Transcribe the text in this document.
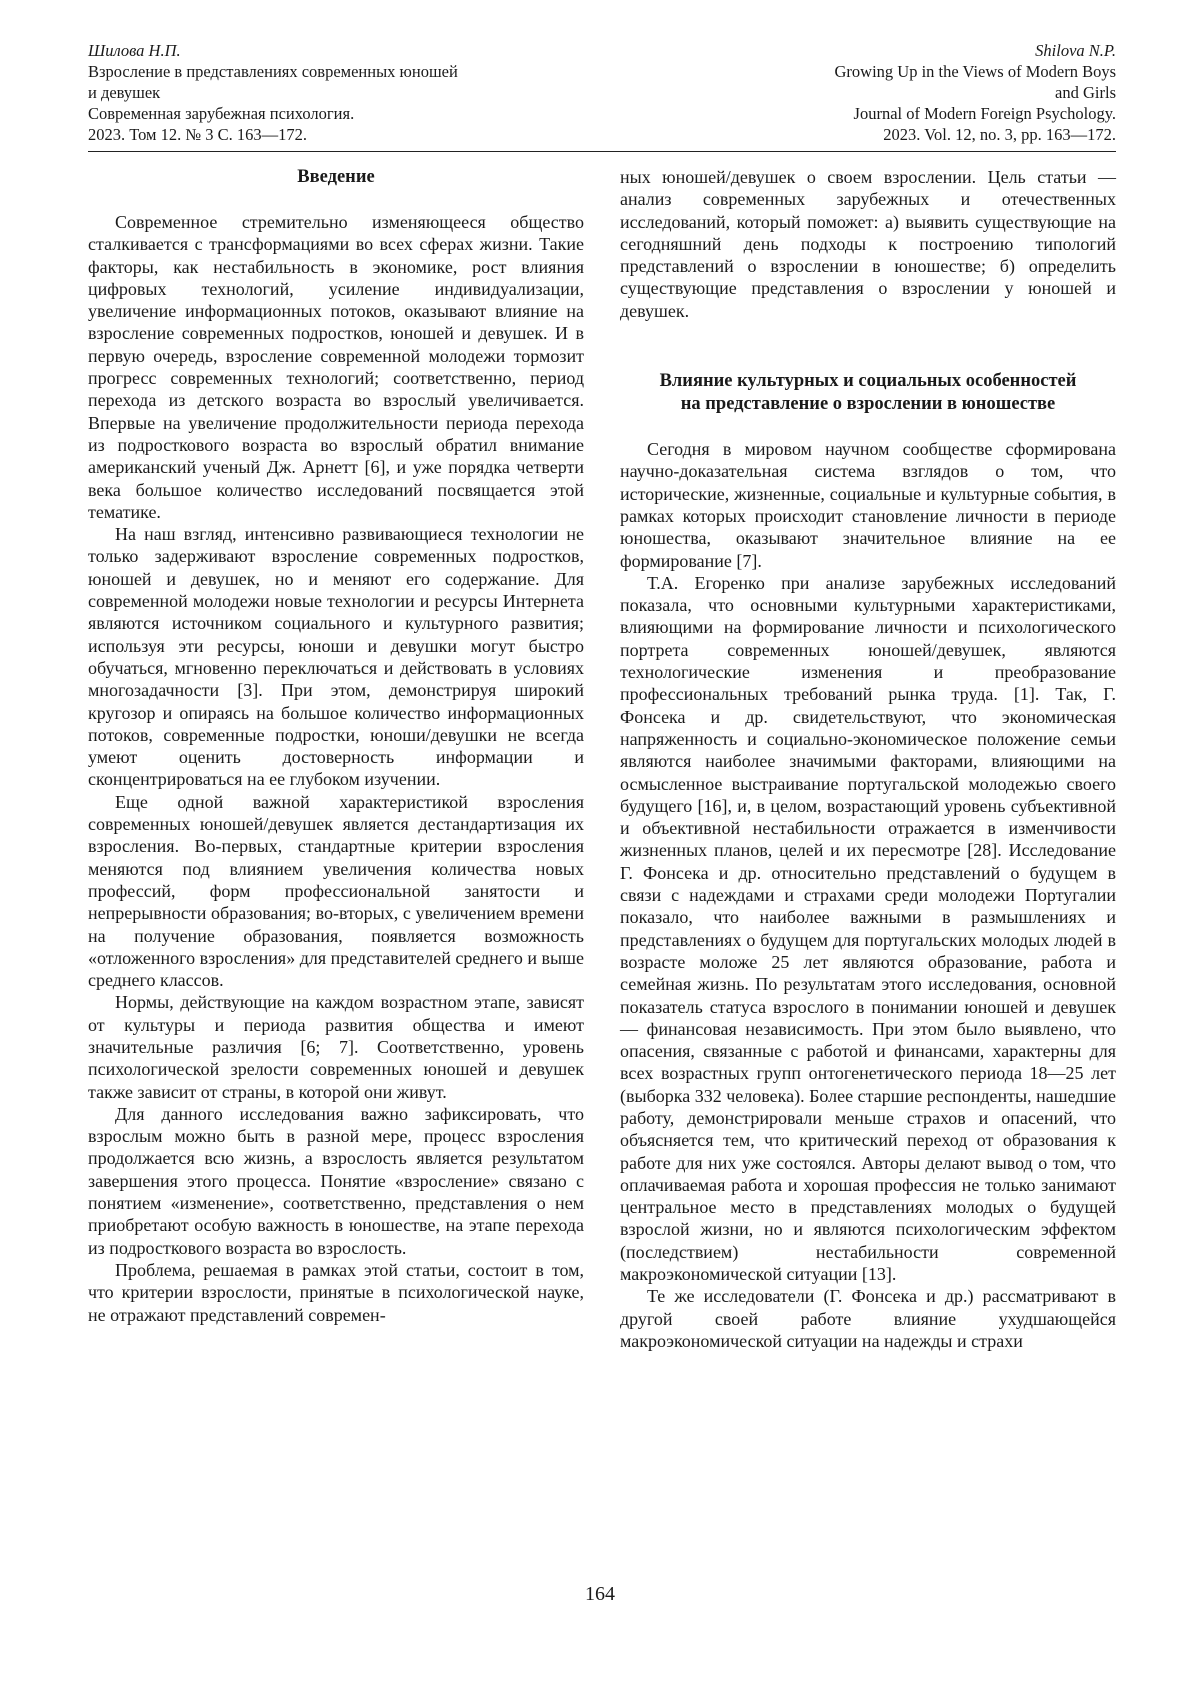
Шилова Н.П.
Взросление в представлениях современных юношей
и девушек
Современная зарубежная психология.
2023. Том 12. № 3 С. 163—172.
Shilova N.P.
Growing Up in the Views of Modern Boys
and Girls
Journal of Modern Foreign Psychology.
2023. Vol. 12, no. 3, pp. 163—172.
Введение

Современное стремительно изменяющееся общество сталкивается с трансформациями во всех сферах жизни. Такие факторы, как нестабильность в экономике, рост влияния цифровых технологий, усиление индивидуализации, увеличение информационных потоков, оказывают влияние на взросление современных подростков, юношей и девушек. И в первую очередь, взросление современной молодежи тормозит прогресс современных технологий; соответственно, период перехода из детского возраста во взрослый увеличивается. Впервые на увеличение продолжительности периода перехода из подросткового возраста во взрослый обратил внимание американский ученый Дж. Арнетт [6], и уже порядка четверти века большое количество исследований посвящается этой тематике.

На наш взгляд, интенсивно развивающиеся технологии не только задерживают взросление современных подростков, юношей и девушек, но и меняют его содержание. Для современной молодежи новые технологии и ресурсы Интернета являются источником социального и культурного развития; используя эти ресурсы, юноши и девушки могут быстро обучаться, мгновенно переключаться и действовать в условиях многозадачности [3]. При этом, демонстрируя широкий кругозор и опираясь на большое количество информационных потоков, современные подростки, юноши/девушки не всегда умеют оценить достоверность информации и сконцентрироваться на ее глубоком изучении.

Еще одной важной характеристикой взросления современных юношей/девушек является дестандартизация их взросления. Во-первых, стандартные критерии взросления меняются под влиянием увеличения количества новых профессий, форм профессиональной занятости и непрерывности образования; во-вторых, с увеличением времени на получение образования, появляется возможность «отложенного взросления» для представителей среднего и выше среднего классов.

Нормы, действующие на каждом возрастном этапе, зависят от культуры и периода развития общества и имеют значительные различия [6; 7]. Соответственно, уровень психологической зрелости современных юношей и девушек также зависит от страны, в которой они живут.

Для данного исследования важно зафиксировать, что взрослым можно быть в разной мере, процесс взросления продолжается всю жизнь, а взрослость является результатом завершения этого процесса. Понятие «взросление» связано с понятием «изменение», соответственно, представления о нем приобретают особую важность в юношестве, на этапе перехода из подросткового возраста во взрослость.

Проблема, решаемая в рамках этой статьи, состоит в том, что критерии взрослости, принятые в психологической науке, не отражают представлений современ-

ных юношей/девушек о своем взрослении. Цель статьи — анализ современных зарубежных и отечественных исследований, который поможет: а) выявить существующие на сегодняшний день подходы к построению типологий представлений о взрослении в юношестве; б) определить существующие представления о взрослении у юношей и девушек.

Влияние культурных и социальных особенностей
на представление о взрослении в юношестве

Сегодня в мировом научном сообществе сформирована научно-доказательная система взглядов о том, что исторические, жизненные, социальные и культурные события, в рамках которых происходит становление личности в периоде юношества, оказывают значительное влияние на ее формирование [7].

Т.А. Егоренко при анализе зарубежных исследований показала, что основными культурными характеристиками, влияющими на формирование личности и психологического портрета современных юношей/девушек, являются технологические изменения и преобразование профессиональных требований рынка труда. [1]. Так, Г. Фонсека и др. свидетельствуют, что экономическая напряженность и социально-экономическое положение семьи являются наиболее значимыми факторами, влияющими на осмысленное выстраивание португальской молодежью своего будущего [16], и, в целом, возрастающий уровень субъективной и объективной нестабильности отражается в изменчивости жизненных планов, целей и их пересмотре [28]. Исследование Г. Фонсека и др. относительно представлений о будущем в связи с надеждами и страхами среди молодежи Португалии показало, что наиболее важными в размышлениях и представлениях о будущем для португальских молодых людей в возрасте моложе 25 лет являются образование, работа и семейная жизнь. По результатам этого исследования, основной показатель статуса взрослого в понимании юношей и девушек — финансовая независимость. При этом было выявлено, что опасения, связанные с работой и финансами, характерны для всех возрастных групп онтогенетического периода 18—25 лет (выборка 332 человека). Более старшие респонденты, нашедшие работу, демонстрировали меньше страхов и опасений, что объясняется тем, что критический переход от образования к работе для них уже состоялся. Авторы делают вывод о том, что оплачиваемая работа и хорошая профессия не только занимают центральное место в представлениях молодых о будущей взрослой жизни, но и являются психологическим эффектом (последствием) нестабильности современной макроэкономической ситуации [13].

Те же исследователи (Г. Фонсека и др.) рассматривают в другой своей работе влияние ухудшающейся макроэкономической ситуации на надежды и страхи

164
